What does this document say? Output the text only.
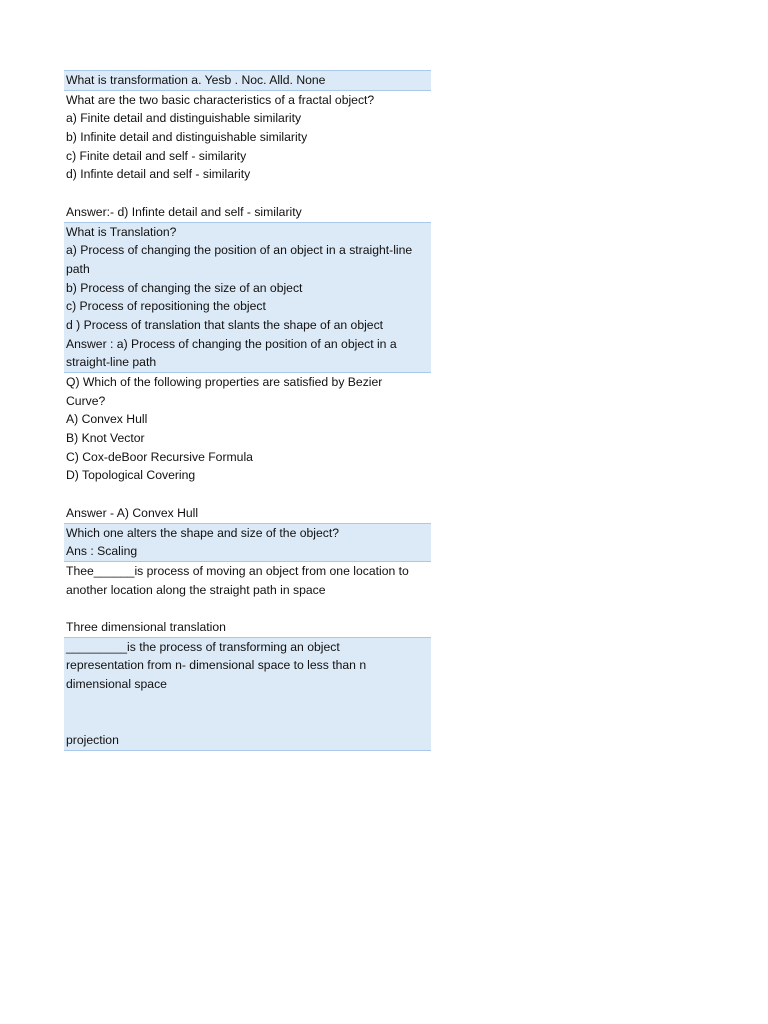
What is transformation a. Yesb . Noc. Alld. None
What are the two basic characteristics of a fractal object?
a) Finite detail and distinguishable similarity
b) Infinite detail and distinguishable similarity
c) Finite detail and self - similarity
d) Infinte detail and self - similarity
Answer:- d) Infinte detail and self - similarity
What is Translation?
a) Process of changing the position of an object in a straight-line
path
b) Process of changing the size of an object
c) Process of repositioning the object
d ) Process of translation that slants the shape of an object
Answer : a) Process of changing the position of an object in a
straight-line path
Q) Which of the following properties are satisfied by Bezier
Curve?
A) Convex Hull
B) Knot Vector
C) Cox-deBoor Recursive Formula
D) Topological Covering
Answer - A) Convex Hull
Which one alters the shape and size of the object?
Ans : Scaling
Thee______is process of moving an object from one location to
another location along the straight path in space
Three dimensional translation
_________is the process of transforming an object
representation from n- dimensional space to less than n
dimensional space
projection
